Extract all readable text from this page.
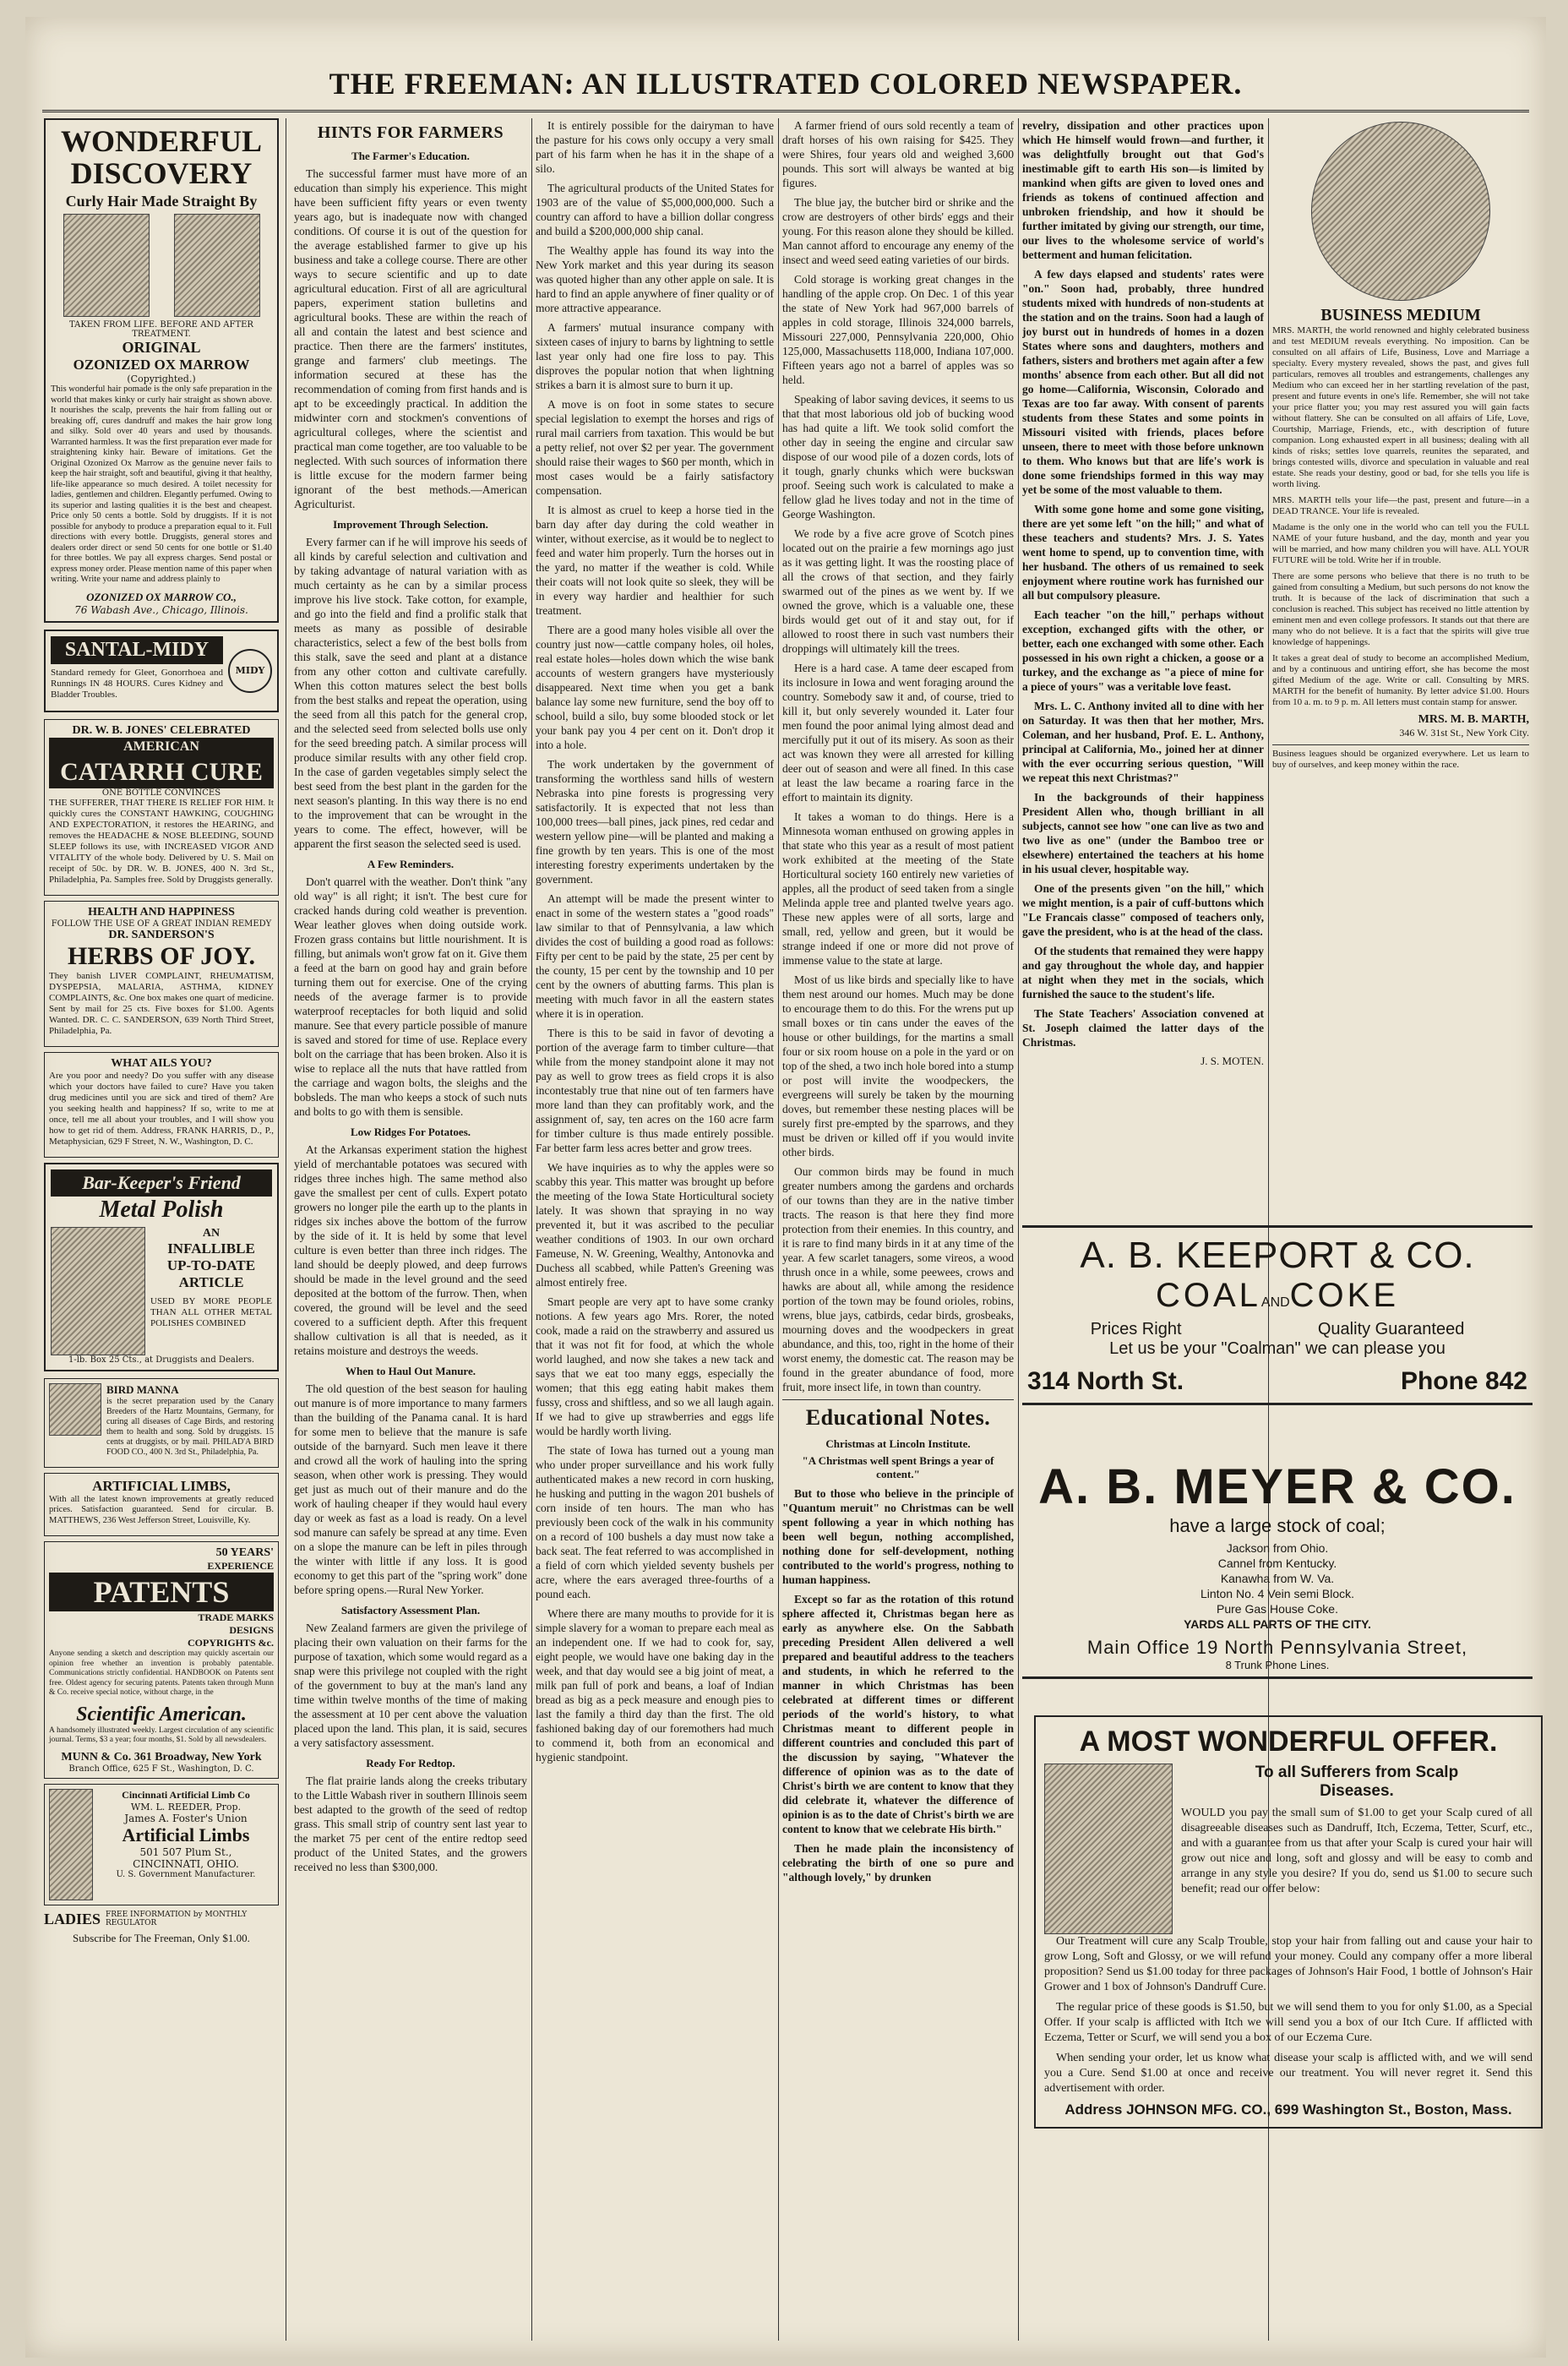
THE FREEMAN: AN ILLUSTRATED COLORED NEWSPAPER.
WONDERFUL
DISCOVERY
Curly Hair Made Straight By
TAKEN FROM LIFE. BEFORE AND AFTER TREATMENT.
ORIGINAL
OZONIZED OX MARROW
(Copyrighted.)

This wonderful hair pomade is the only safe preparation in the world that makes kinky or curly hair straight as shown above. It nourishes the scalp, prevents the hair from falling out or breaking off, cures dandruff and makes the hair grow long and silky. Sold over 40 years and used by thousands. Warranted harmless. It was the first preparation ever made for straightening kinky hair. Beware of imitations. Get the Original Ozonized Ox Marrow as the genuine never fails to keep the hair straight, soft and beautiful, giving it that healthy, life-like appearance so much desired. A toilet necessity for ladies, gentlemen and children. Elegantly perfumed. Owing to its superior and lasting qualities it is the best and cheapest. Price only 50 cents a bottle. Sold by druggists. If it is not possible for anybody to produce a preparation equal to it. Full directions with every bottle. Druggists, general stores and dealers order direct or send 50 cents for one bottle or $1.40 for three bottles. We pay all express charges. Send postal or express money order. Please mention name of this paper when writing. Write your name and address plainly to

OZONIZED OX MARROW CO.,
76 Wabash Ave., Chicago, Illinois.
SANTAL-MIDY

Standard remedy for Gleet, Gonorrhoea and Runnings IN 48 HOURS. Cures Kidney and Bladder Troubles.

MIDY
DR. W. B. JONES' CELEBRATED
AMERICAN
CATARRH CURE
ONE BOTTLE CONVINCES

THE SUFFERER, THAT THERE IS RELIEF FOR HIM. It quickly cures the CONSTANT HAWKING, COUGHING AND EXPECTORATION, it restores the HEARING, and removes the HEADACHE & NOSE BLEEDING, SOUND SLEEP follows its use, with INCREASED VIGOR AND VITALITY of the whole body. Delivered by U. S. Mail on receipt of 50c. by DR. W. B. JONES, 400 N. 3rd St., Philadelphia, Pa. Samples free. Sold by Druggists generally.

HEALTH AND HAPPINESS
FOLLOW THE USE OF A GREAT INDIAN REMEDY
DR. SANDERSON'S
HERBS OF JOY.

They banish LIVER COMPLAINT, RHEUMATISM, DYSPEPSIA, MALARIA, ASTHMA, KIDNEY COMPLAINTS, &c. One box makes one quart of medicine. Sent by mail for 25 cts. Five boxes for $1.00. Agents Wanted. DR. C. C. SANDERSON, 639 North Third Street, Philadelphia, Pa.

WHAT AILS YOU?

Are you poor and needy? Do you suffer with any disease which your doctors have failed to cure? Have you taken drug medicines until you are sick and tired of them? Are you seeking health and happiness? If so, write to me at once, tell me all about your troubles, and I will show you how to get rid of them. Address, FRANK HARRIS, D., P., Metaphysician, 629 F Street, N. W., Washington, D. C.

Bar-Keeper's Friend
Metal Polish
AN
INFALLIBLE
UP-TO-DATE
ARTICLE

USED BY MORE PEOPLE THAN ALL OTHER METAL POLISHES COMBINED

1-lb. Box 25 Cts., at Druggists and Dealers.
BIRD MANNA

is the secret preparation used by the Canary Breeders of the Hartz Mountains, Germany, for curing all diseases of Cage Birds, and restoring them to health and song. Sold by druggists. 15 cents at druggists, or by mail. PHILAD'A BIRD FOOD CO., 400 N. 3rd St., Philadelphia, Pa.

ARTIFICIAL LIMBS,

With all the latest known improvements at greatly reduced prices. Satisfaction guaranteed. Send for circular. B. MATTHEWS, 236 West Jefferson Street, Louisville, Ky.

50 YEARS'
EXPERIENCE
PATENTS
TRADE MARKS
DESIGNS
COPYRIGHTS &c.

Anyone sending a sketch and description may quickly ascertain our opinion free whether an invention is probably patentable. Communications strictly confidential. HANDBOOK on Patents sent free. Oldest agency for securing patents. Patents taken through Munn & Co. receive special notice, without charge, in the

Scientific American.

A handsomely illustrated weekly. Largest circulation of any scientific journal. Terms, $3 a year; four months, $1. Sold by all newsdealers.

MUNN & Co. 361 Broadway, New York
Branch Office, 625 F St., Washington, D. C.
Cincinnati Artificial Limb Co
WM. L. REEDER, Prop.
James A. Foster's Union
Artificial Limbs
501 507 Plum St.,
CINCINNATI, OHIO.
U. S. Government Manufacturer.
LADIES FREE INFORMATION by MONTHLY REGULATOR
Subscribe for The Freeman, Only $1.00.
HINTS FOR FARMERS
The Farmer's Education.

The successful farmer must have more of an education than simply his experience. This might have been sufficient fifty years or even twenty years ago, but is inadequate now with changed conditions. Of course it is out of the question for the average established farmer to give up his business and take a college course. There are other ways to secure scientific and up to date agricultural education. First of all are agricultural papers, experiment station bulletins and agricultural books. These are within the reach of all and contain the latest and best science and practice. Then there are the farmers' institutes, grange and farmers' club meetings. The information secured at these has the recommendation of coming from first hands and is apt to be exceedingly practical. In addition the midwinter corn and stockmen's conventions of agricultural colleges, where the scientist and practical man come together, are too valuable to be neglected. With such sources of information there is little excuse for the modern farmer being ignorant of the best methods.—American Agriculturist.

Improvement Through Selection.

Every farmer can if he will improve his seeds of all kinds by careful selection and cultivation and by taking advantage of natural variation with as much certainty as he can by a similar process improve his live stock. Take cotton, for example, and go into the field and find a prolific stalk that meets as many as possible of desirable characteristics, select a few of the best bolls from this stalk, save the seed and plant at a distance from any other cotton and cultivate carefully. When this cotton matures select the best bolls from the best stalks and repeat the operation, using the seed from all this patch for the general crop, and the selected seed from selected bolls use only for the seed breeding patch. A similar process will produce similar results with any other field crop. In the case of garden vegetables simply select the best seed from the best plant in the garden for the next season's planting. In this way there is no end to the improvement that can be wrought in the years to come. The effect, however, will be apparent the first season the selected seed is used.

A Few Reminders.

Don't quarrel with the weather. Don't think "any old way" is all right; it isn't. The best cure for cracked hands during cold weather is prevention. Wear leather gloves when doing outside work. Frozen grass contains but little nourishment. It is filling, but animals won't grow fat on it. Give them a feed at the barn on good hay and grain before turning them out for exercise. One of the crying needs of the average farmer is to provide waterproof receptacles for both liquid and solid manure. See that every particle possible of manure is saved and stored for time of use. Replace every bolt on the carriage that has been broken. Also it is wise to replace all the nuts that have rattled from the carriage and wagon bolts, the sleighs and the bobsleds. The man who keeps a stock of such nuts and bolts to go with them is sensible.

Low Ridges For Potatoes.

At the Arkansas experiment station the highest yield of merchantable potatoes was secured with ridges three inches high. The same method also gave the smallest per cent of culls. Expert potato growers no longer pile the earth up to the plants in ridges six inches above the bottom of the furrow by the side of it. It is held by some that level culture is even better than three inch ridges. The land should be deeply plowed, and deep furrows should be made in the level ground and the seed deposited at the bottom of the furrow. Then, when covered, the ground will be level and the seed covered to a sufficient depth. After this frequent shallow cultivation is all that is needed, as it retains moisture and destroys the weeds.

When to Haul Out Manure.

The old question of the best season for hauling out manure is of more importance to many farmers than the building of the Panama canal. It is hard for some men to believe that the manure is safe outside of the barnyard. Such men leave it there and crowd all the work of hauling into the spring season, when other work is pressing. They would get just as much out of their manure and do the work of hauling cheaper if they would haul every day or week as fast as a load is ready. On a level sod manure can safely be spread at any time. Even on a slope the manure can be left in piles through the winter with little if any loss. It is good economy to get this part of the "spring work" done before spring opens.—Rural New Yorker.

Satisfactory Assessment Plan.

New Zealand farmers are given the privilege of placing their own valuation on their farms for the purpose of taxation, which some would regard as a snap were this privilege not coupled with the right of the government to buy at the man's land any time within twelve months of the time of making the assessment at 10 per cent above the valuation placed upon the land. This plan, it is said, secures a very satisfactory assessment.

Ready For Redtop.

The flat prairie lands along the creeks tributary to the Little Wabash river in southern Illinois seem best adapted to the growth of the seed of redtop grass. This small strip of country sent last year to the market 75 per cent of the entire redtop seed product of the United States, and the growers received no less than $300,000.

It is entirely possible for the dairyman to have the pasture for his cows only occupy a very small part of his farm when he has it in the shape of a silo.

The agricultural products of the United States for 1903 are of the value of $5,000,000,000. Such a country can afford to have a billion dollar congress and build a $200,000,000 ship canal.

The Wealthy apple has found its way into the New York market and this year during its season was quoted higher than any other apple on sale. It is hard to find an apple anywhere of finer quality or of more attractive appearance.

A farmers' mutual insurance company with sixteen cases of injury to barns by lightning to settle last year only had one fire loss to pay. This disproves the popular notion that when lightning strikes a barn it is almost sure to burn it up.

A move is on foot in some states to secure special legislation to exempt the horses and rigs of rural mail carriers from taxation. This would be but a petty relief, not over $2 per year. The government should raise their wages to $60 per month, which in most cases would be a fairly satisfactory compensation.

It is almost as cruel to keep a horse tied in the barn day after day during the cold weather in winter, without exercise, as it would be to neglect to feed and water him properly. Turn the horses out in the yard, no matter if the weather is cold. While their coats will not look quite so sleek, they will be in every way hardier and healthier for such treatment.

There are a good many holes visible all over the country just now—cattle company holes, oil holes, real estate holes—holes down which the wise bank accounts of western grangers have mysteriously disappeared. Next time when you get a bank balance lay some new furniture, send the boy off to school, build a silo, buy some blooded stock or let your bank pay you 4 per cent on it. Don't drop it into a hole.

The work undertaken by the government of transforming the worthless sand hills of western Nebraska into pine forests is progressing very satisfactorily. It is expected that not less than 100,000 trees—ball pines, jack pines, red cedar and western yellow pine—will be planted and making a fine growth by ten years. This is one of the most interesting forestry experiments undertaken by the government.

An attempt will be made the present winter to enact in some of the western states a "good roads" law similar to that of Pennsylvania, a law which divides the cost of building a good road as follows: Fifty per cent to be paid by the state, 25 per cent by the county, 15 per cent by the township and 10 per cent by the owners of abutting farms. This plan is meeting with much favor in all the eastern states where it is in operation.

There is this to be said in favor of devoting a portion of the average farm to timber culture—that while from the money standpoint alone it may not pay as well to grow trees as field crops it is also incontestably true that nine out of ten farmers have more land than they can profitably work, and the assignment of, say, ten acres on the 160 acre farm for timber culture is thus made entirely possible. Far better farm less acres better and grow trees.

We have inquiries as to why the apples were so scabby this year. This matter was brought up before the meeting of the Iowa State Horticultural society lately. It was shown that spraying in no way prevented it, but it was ascribed to the peculiar weather conditions of 1903. In our own orchard Fameuse, N. W. Greening, Wealthy, Antonovka and Duchess all scabbed, while Patten's Greening was almost entirely free.

Smart people are very apt to have some cranky notions. A few years ago Mrs. Rorer, the noted cook, made a raid on the strawberry and assured us that it was not fit for food, at which the whole world laughed, and now she takes a new tack and says that we eat too many eggs, especially the women; that this egg eating habit makes them fussy, cross and shiftless, and so we all laugh again. If we had to give up strawberries and eggs life would be hardly worth living.

The state of Iowa has turned out a young man who under proper surveillance and his work fully authenticated makes a new record in corn husking, he husking and putting in the wagon 201 bushels of corn inside of ten hours. The man who has previously been cock of the walk in his community on a record of 100 bushels a day must now take a back seat. The feat referred to was accomplished in a field of corn which yielded seventy bushels per acre, where the ears averaged three-fourths of a pound each.

Where there are many mouths to provide for it is simple slavery for a woman to prepare each meal as an independent one. If we had to cook for, say, eight people, we would have one baking day in the week, and that day would see a big joint of meat, a milk pan full of pork and beans, a loaf of Indian bread as big as a peck measure and enough pies to last the family a third day than the first. The old fashioned baking day of our foremothers had much to commend it, both from an economical and hygienic standpoint.

A farmer friend of ours sold recently a team of draft horses of his own raising for $425. They were Shires, four years old and weighed 3,600 pounds. This sort will always be wanted at big figures.

The blue jay, the butcher bird or shrike and the crow are destroyers of other birds' eggs and their young. For this reason alone they should be killed. Man cannot afford to encourage any enemy of the insect and weed seed eating varieties of our birds.

Cold storage is working great changes in the handling of the apple crop. On Dec. 1 of this year the state of New York had 967,000 barrels of apples in cold storage, Illinois 324,000 barrels, Missouri 227,000, Pennsylvania 220,000, Ohio 125,000, Massachusetts 118,000, Indiana 107,000. Fifteen years ago not a barrel of apples was so held.

Speaking of labor saving devices, it seems to us that that most laborious old job of bucking wood has had quite a lift. We took solid comfort the other day in seeing the engine and circular saw dispose of our wood pile of a dozen cords, lots of it tough, gnarly chunks which were buckswan proof. Seeing such work is calculated to make a fellow glad he lives today and not in the time of George Washington.

We rode by a five acre grove of Scotch pines located out on the prairie a few mornings ago just as it was getting light. It was the roosting place of all the crows of that section, and they fairly swarmed out of the pines as we went by. If we owned the grove, which is a valuable one, these birds would get out of it and stay out, for if allowed to roost there in such vast numbers their droppings will ultimately kill the trees.

Here is a hard case. A tame deer escaped from its inclosure in Iowa and went foraging around the country. Somebody saw it and, of course, tried to kill it, but only severely wounded it. Later four men found the poor animal lying almost dead and mercifully put it out of its misery. As soon as their act was known they were all arrested for killing deer out of season and were all fined. In this case at least the law became a roaring farce in the effort to maintain its dignity.

It takes a woman to do things. Here is a Minnesota woman enthused on growing apples in that state who this year as a result of most patient work exhibited at the meeting of the State Horticultural society 160 entirely new varieties of apples, all the product of seed taken from a single Melinda apple tree and planted twelve years ago. These new apples were of all sorts, large and small, red, yellow and green, but it would be strange indeed if one or more did not prove of immense value to the state at large.

Most of us like birds and specially like to have them nest around our homes. Much may be done to encourage them to do this. For the wrens put up small boxes or tin cans under the eaves of the house or other buildings, for the martins a small four or six room house on a pole in the yard or on top of the shed, a two inch hole bored into a stump or post will invite the woodpeckers, the evergreens will surely be taken by the mourning doves, but remember these nesting places will be surely first pre-empted by the sparrows, and they must be driven or killed off if you would invite other birds.

Our common birds may be found in much greater numbers among the gardens and orchards of our towns than they are in the native timber tracts. The reason is that here they find more protection from their enemies. In this country, and it is rare to find many birds in it at any time of the year. A few scarlet tanagers, some vireos, a wood thrush once in a while, some peewees, crows and hawks are about all, while among the residence portion of the town may be found orioles, robins, wrens, blue jays, catbirds, cedar birds, grosbeaks, mourning doves and the woodpeckers in great abundance, and this, too, right in the home of their worst enemy, the domestic cat. The reason may be found in the greater abundance of food, more fruit, more insect life, in town than country.

Educational Notes.
Christmas at Lincoln Institute.
"A Christmas well spent Brings a year of content."

But to those who believe in the principle of "Quantum meruit" no Christmas can be well spent following a year in which nothing has been well begun, nothing accomplished, nothing done for self-development, nothing contributed to the world's progress, nothing to human happiness.

Except so far as the rotation of this rotund sphere affected it, Christmas began here as early as anywhere else. On the Sabbath preceding President Allen delivered a well prepared and beautiful address to the teachers and students, in which he referred to the manner in which Christmas has been celebrated at different times or different periods of the world's history, to what Christmas meant to different people in different countries and concluded this part of the discussion by saying, "Whatever the difference of opinion was as to the date of Christ's birth we are content to know that they did celebrate it, whatever the difference of opinion is as to the date of Christ's birth we are content to know that we celebrate His birth."

Then he made plain the inconsistency of celebrating the birth of one so pure and "although lovely," by drunken

revelry, dissipation and other practices upon which He himself would frown—and further, it was delightfully brought out that God's inestimable gift to earth His son—is limited by mankind when gifts are given to loved ones and friends as tokens of continued affection and unbroken friendship, and how it should be further imitated by giving our strength, our time, our lives to the wholesome service of world's betterment and human felicitation.

A few days elapsed and students' rates were "on." Soon had, probably, three hundred students mixed with hundreds of non-students at the station and on the trains. Soon had a laugh of joy burst out in hundreds of homes in a dozen States where sons and daughters, mothers and fathers, sisters and brothers met again after a few months' absence from each other. But all did not go home—California, Wisconsin, Colorado and Texas are too far away. With consent of parents students from these States and some points in Missouri visited with friends, places before unseen, there to meet with those before unknown to them. Who knows but that are life's work is done some friendships formed in this way may yet be some of the most valuable to them.

With some gone home and some gone visiting, there are yet some left "on the hill;" and what of these teachers and students? Mrs. J. S. Yates went home to spend, up to convention time, with her husband. The others of us remained to seek enjoyment where routine work has furnished our all but compulsory pleasure.

Each teacher "on the hill," perhaps without exception, exchanged gifts with the other, or better, each one exchanged with some other. Each possessed in his own right a chicken, a goose or a turkey, and the exchange as "a piece of mine for a piece of yours" was a veritable love feast.

Mrs. L. C. Anthony invited all to dine with her on Saturday. It was then that her mother, Mrs. Coleman, and her husband, Prof. E. L. Anthony, principal at California, Mo., joined her at dinner with the ever occurring serious question, "Will we repeat this next Christmas?"

In the backgrounds of their happiness President Allen who, though brilliant in all subjects, cannot see how "one can live as two and two live as one" (under the Bamboo tree or elsewhere) entertained the teachers at his home in his usual clever, hospitable way.

One of the presents given "on the hill," which we might mention, is a pair of cuff-buttons which "Le Francais classe" composed of teachers only, gave the president, who is at the head of the class.

Of the students that remained they were happy and gay throughout the whole day, and happier at night when they met in the socials, which furnished the sauce to the student's life.

The State Teachers' Association convened at St. Joseph claimed the latter days of the Christmas.

J. S. MOTEN.
BUSINESS MEDIUM

MRS. MARTH, the world renowned and highly celebrated business and test MEDIUM reveals everything. No imposition. Can be consulted on all affairs of Life, Business, Love and Marriage a specialty. Every mystery revealed, shows the past, and gives full particulars, removes all troubles and estrangements, challenges any Medium who can exceed her in her startling revelation of the past, present and future events in one's life. Remember, she will not take your price flatter you; you may rest assured you will gain facts without flattery. She can be consulted on all affairs of Life, Love, Courtship, Marriage, Friends, etc., with description of future companion. Long exhausted expert in all business; dealing with all kinds of risks; settles love quarrels, reunites the separated, and brings contested wills, divorce and speculation in valuable and real estate. She reads your destiny, good or bad, for she tells you life is worth living.

MRS. MARTH tells your life—the past, present and future—in a DEAD TRANCE. Your life is revealed.

Madame is the only one in the world who can tell you the FULL NAME of your future husband, and the day, month and year you will be married, and how many children you will have. ALL YOUR FUTURE will be told. Write her if in trouble.

There are some persons who believe that there is no truth to be gained from consulting a Medium, but such persons do not know the truth. It is because of the lack of discrimination that such a conclusion is reached. This subject has received no little attention by eminent men and even college professors. It stands out that there are many who do not believe. It is a fact that the spirits will give true knowledge of happenings.

It takes a great deal of study to become an accomplished Medium, and by a continuous and untiring effort, she has become the most gifted Medium of the age. Write or call. Consulting by MRS. MARTH for the benefit of humanity. By letter advice $1.00. Hours from 10 a. m. to 9 p. m. All letters must contain stamp for answer.

MRS. M. B. MARTH,
346 W. 31st St., New York City.

Business leagues should be organized everywhere. Let us learn to buy of ourselves, and keep money within the race.

A. B. KEEPORT & CO.
COALANDCOKE
Prices Right	Quality Guaranteed
Let us be your "Coalman" we can please you
314 North St.	Phone 842
A. B. MEYER & CO.
have a large stock of coal;
Jackson from Ohio.
Cannel from Kentucky.
Kanawha from W. Va.
Linton No. 4 Vein semi Block.
Pure Gas House Coke.
YARDS ALL PARTS OF THE CITY.
Main Office 19 North Pennsylvania Street,
8 Trunk Phone Lines.
A MOST WONDERFUL OFFER.
To all Sufferers from Scalp
Diseases.

WOULD you pay the small sum of $1.00 to get your Scalp cured of all disagreeable diseases such as Dandruff, Itch, Eczema, Tetter, Scurf, etc., and with a guarantee from us that after your Scalp is cured your hair will grow out nice and long, soft and glossy and will be easy to comb and arrange in any style you desire? If you do, send us $1.00 to secure such benefit; read our offer below:

Our Treatment will cure any Scalp Trouble, stop your hair from falling out and cause your hair to grow Long, Soft and Glossy, or we will refund your money. Could any company offer a more liberal proposition? Send us $1.00 today for three packages of Johnson's Hair Food, 1 bottle of Johnson's Hair Grower and 1 box of Johnson's Dandruff Cure.

The regular price of these goods is $1.50, but we will send them to you for only $1.00, as a Special Offer. If your scalp is afflicted with Itch we will send you a box of our Itch Cure. If afflicted with Eczema, Tetter or Scurf, we will send you a box of our Eczema Cure.

When sending your order, let us know what disease your scalp is afflicted with, and we will send you a Cure. Send $1.00 at once and receive our treatment. You will never regret it. Send this advertisement with order.

Address JOHNSON MFG. CO., 699 Washington St., Boston, Mass.
